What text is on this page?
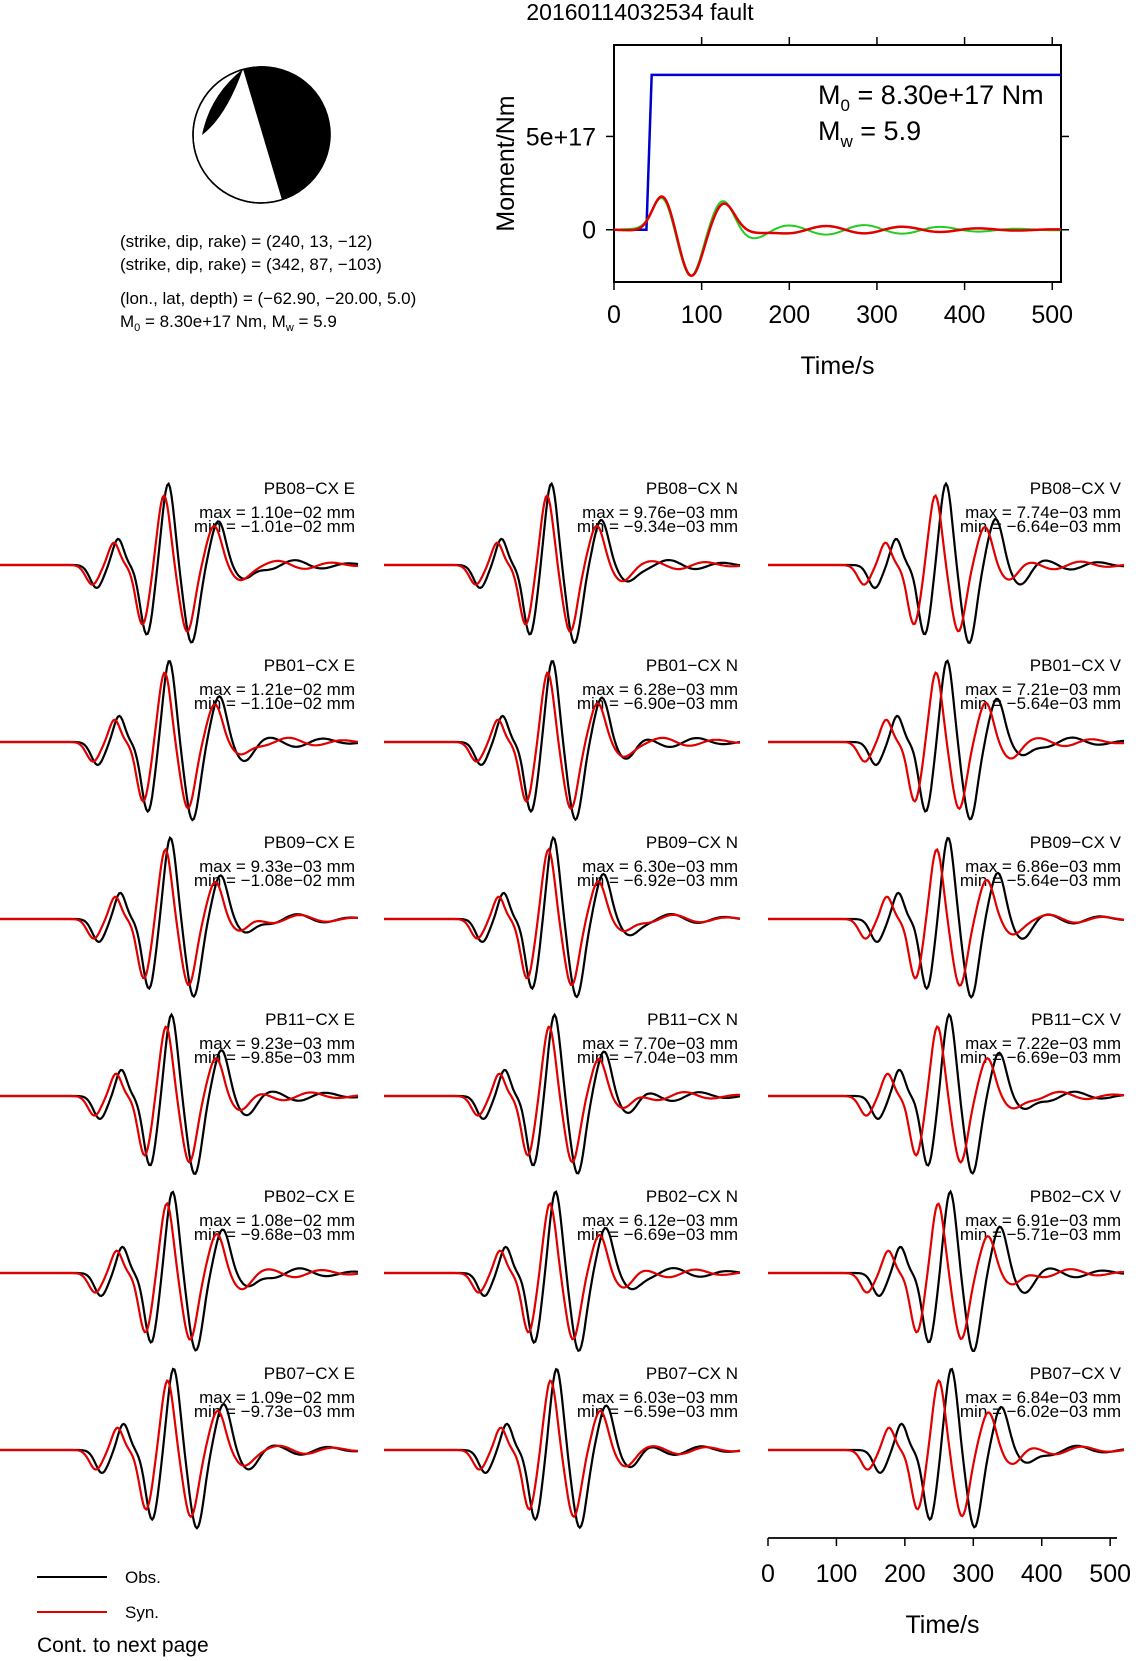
20160114032534 fault
(strike, dip, rake) = (240, 13, −12)
(strike, dip, rake) = (342, 87, −103)
(lon., lat, depth) = (−62.90, −20.00, 5.0)
$M_0 = 8.30e+17$ Nm, $M_w = 5.9$	0 100 200 300 400 500
0
5e+17
Time/s
Moment/Nm
$M_0 = 8.30e+17$ Nm
$M_w = 5.9$
PB08−CX E
max = 1.10e−02 mm
min = −1.01e−02 mm
PB08−CX N
max = 9.76e−03 mm
min = −9.34e−03 mm
PB08−CX V
max = 7.74e−03 mm
min = −6.64e−03 mm
PB01−CX E
max = 1.21e−02 mm
min = −1.10e−02 mm
PB01−CX N
max = 6.28e−03 mm
min = −6.90e−03 mm
PB01−CX V
max = 7.21e−03 mm
min = −5.64e−03 mm
PB09−CX E
max = 9.33e−03 mm
min = −1.08e−02 mm
PB09−CX N
max = 6.30e−03 mm
min = −6.92e−03 mm
PB09−CX V
max = 6.86e−03 mm
min = −5.64e−03 mm
PB11−CX E
max = 9.23e−03 mm
min = −9.85e−03 mm
PB11−CX N
max = 7.70e−03 mm
min = −7.04e−03 mm
PB11−CX V
max = 7.22e−03 mm
min = −6.69e−03 mm
PB02−CX E
max = 1.08e−02 mm
min = −9.68e−03 mm
PB02−CX N
max = 6.12e−03 mm
min = −6.69e−03 mm
PB02−CX V
max = 6.91e−03 mm
min = −5.71e−03 mm
PB07−CX E
max = 1.09e−02 mm
min = −9.73e−03 mm
PB07−CX N
max = 6.03e−03 mm
min = −6.59e−03 mm
PB07−CX V
max = 6.84e−03 mm
min = −6.02e−03 mm
0 100 200 300 400 500
Time/s
Obs.
Syn.
Cont. to next page
